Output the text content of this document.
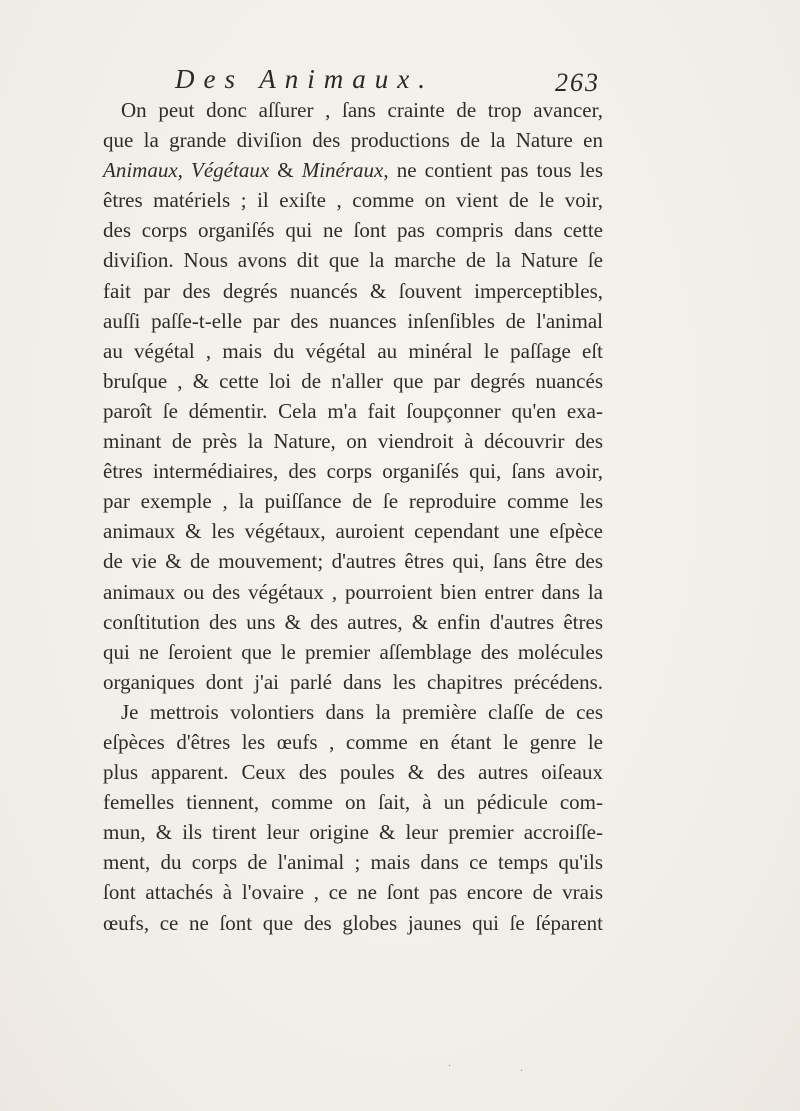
Des Animaux.	263
On peut donc aſſurer , ſans crainte de trop avancer,
que la grande diviſion des productions de la Nature en
Animaux, Végétaux & Minéraux, ne contient pas tous les
êtres matériels ; il exiſte , comme on vient de le voir,
des corps organiſés qui ne ſont pas compris dans cette
diviſion. Nous avons dit que la marche de la Nature ſe
fait par des degrés nuancés & ſouvent imperceptibles,
auſſi paſſe-t-elle par des nuances inſenſibles de l'animal
au végétal , mais du végétal au minéral le paſſage eſt
bruſque , & cette loi de n'aller que par degrés nuancés
paroît ſe démentir. Cela m'a fait ſoupçonner qu'en exa-
minant de près la Nature, on viendroit à découvrir des
êtres intermédiaires, des corps organiſés qui, ſans avoir,
par exemple , la puiſſance de ſe reproduire comme les
animaux & les végétaux, auroient cependant une eſpèce
de vie & de mouvement; d'autres êtres qui, ſans être des
animaux ou des végétaux , pourroient bien entrer dans la
conſtitution des uns & des autres, & enfin d'autres êtres
qui ne ſeroient que le premier aſſemblage des molécules
organiques dont j'ai parlé dans les chapitres précédens.
Je mettrois volontiers dans la première claſſe de ces
eſpèces d'êtres les œufs , comme en étant le genre le
plus apparent. Ceux des poules & des autres oiſeaux
femelles tiennent, comme on ſait, à un pédicule com-
mun, & ils tirent leur origine & leur premier accroiſſe-
ment, du corps de l'animal ; mais dans ce temps qu'ils
ſont attachés à l'ovaire , ce ne ſont pas encore de vrais
œufs, ce ne ſont que des globes jaunes qui ſe ſéparent
·	·
